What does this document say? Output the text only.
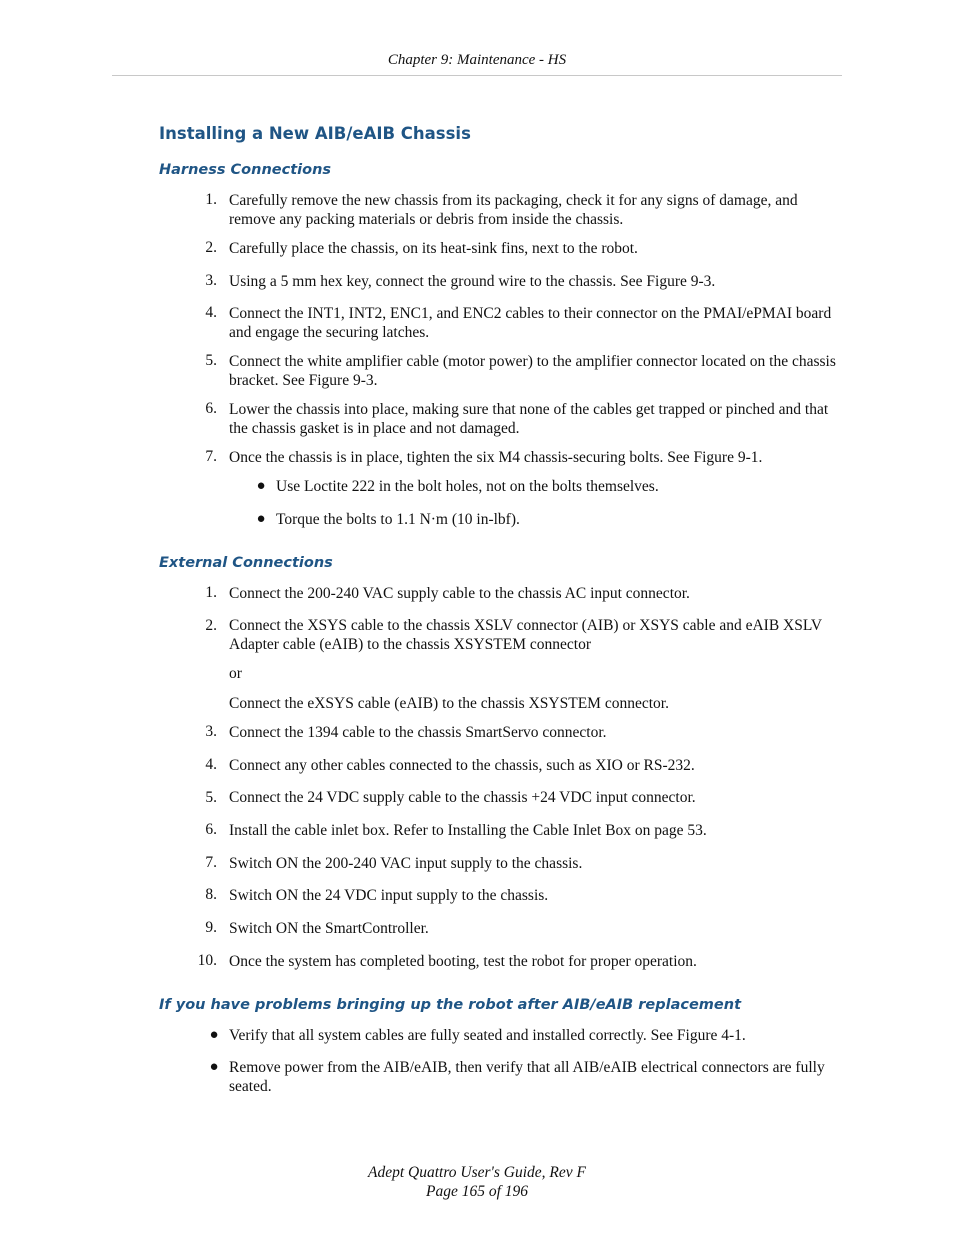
Chapter 9: Maintenance - HS
Installing a New AIB/eAIB Chassis
Harness Connections
1. Carefully remove the new chassis from its packaging, check it for any signs of damage, and remove any packing materials or debris from inside the chassis.
2. Carefully place the chassis, on its heat-sink fins, next to the robot.
3. Using a 5 mm hex key, connect the ground wire to the chassis. See Figure 9-3.
4. Connect the INT1, INT2, ENC1, and ENC2 cables to their connector on the PMAI/ePMAI board and engage the securing latches.
5. Connect the white amplifier cable (motor power) to the amplifier connector located on the chassis bracket. See Figure 9-3.
6. Lower the chassis into place, making sure that none of the cables get trapped or pinched and that the chassis gasket is in place and not damaged.
7. Once the chassis is in place, tighten the six M4 chassis-securing bolts. See Figure 9-1.
● Use Loctite 222 in the bolt holes, not on the bolts themselves.
● Torque the bolts to 1.1 N·m (10 in-lbf).
External Connections
1. Connect the 200-240 VAC supply cable to the chassis AC input connector.
2. Connect the XSYS cable to the chassis XSLV connector (AIB) or XSYS cable and eAIB XSLV Adapter cable (eAIB) to the chassis XSYSTEM connector
or
Connect the eXSYS cable (eAIB) to the chassis XSYSTEM connector.
3. Connect the 1394 cable to the chassis SmartServo connector.
4. Connect any other cables connected to the chassis, such as XIO or RS-232.
5. Connect the 24 VDC supply cable to the chassis +24 VDC input connector.
6. Install the cable inlet box. Refer to Installing the Cable Inlet Box on page 53.
7. Switch ON the 200-240 VAC input supply to the chassis.
8. Switch ON the 24 VDC input supply to the chassis.
9. Switch ON the SmartController.
10. Once the system has completed booting, test the robot for proper operation.
If you have problems bringing up the robot after AIB/eAIB replacement
● Verify that all system cables are fully seated and installed correctly. See Figure 4-1.
● Remove power from the AIB/eAIB, then verify that all AIB/eAIB electrical connectors are fully seated.
Adept Quattro User's Guide, Rev F
Page 165 of 196
